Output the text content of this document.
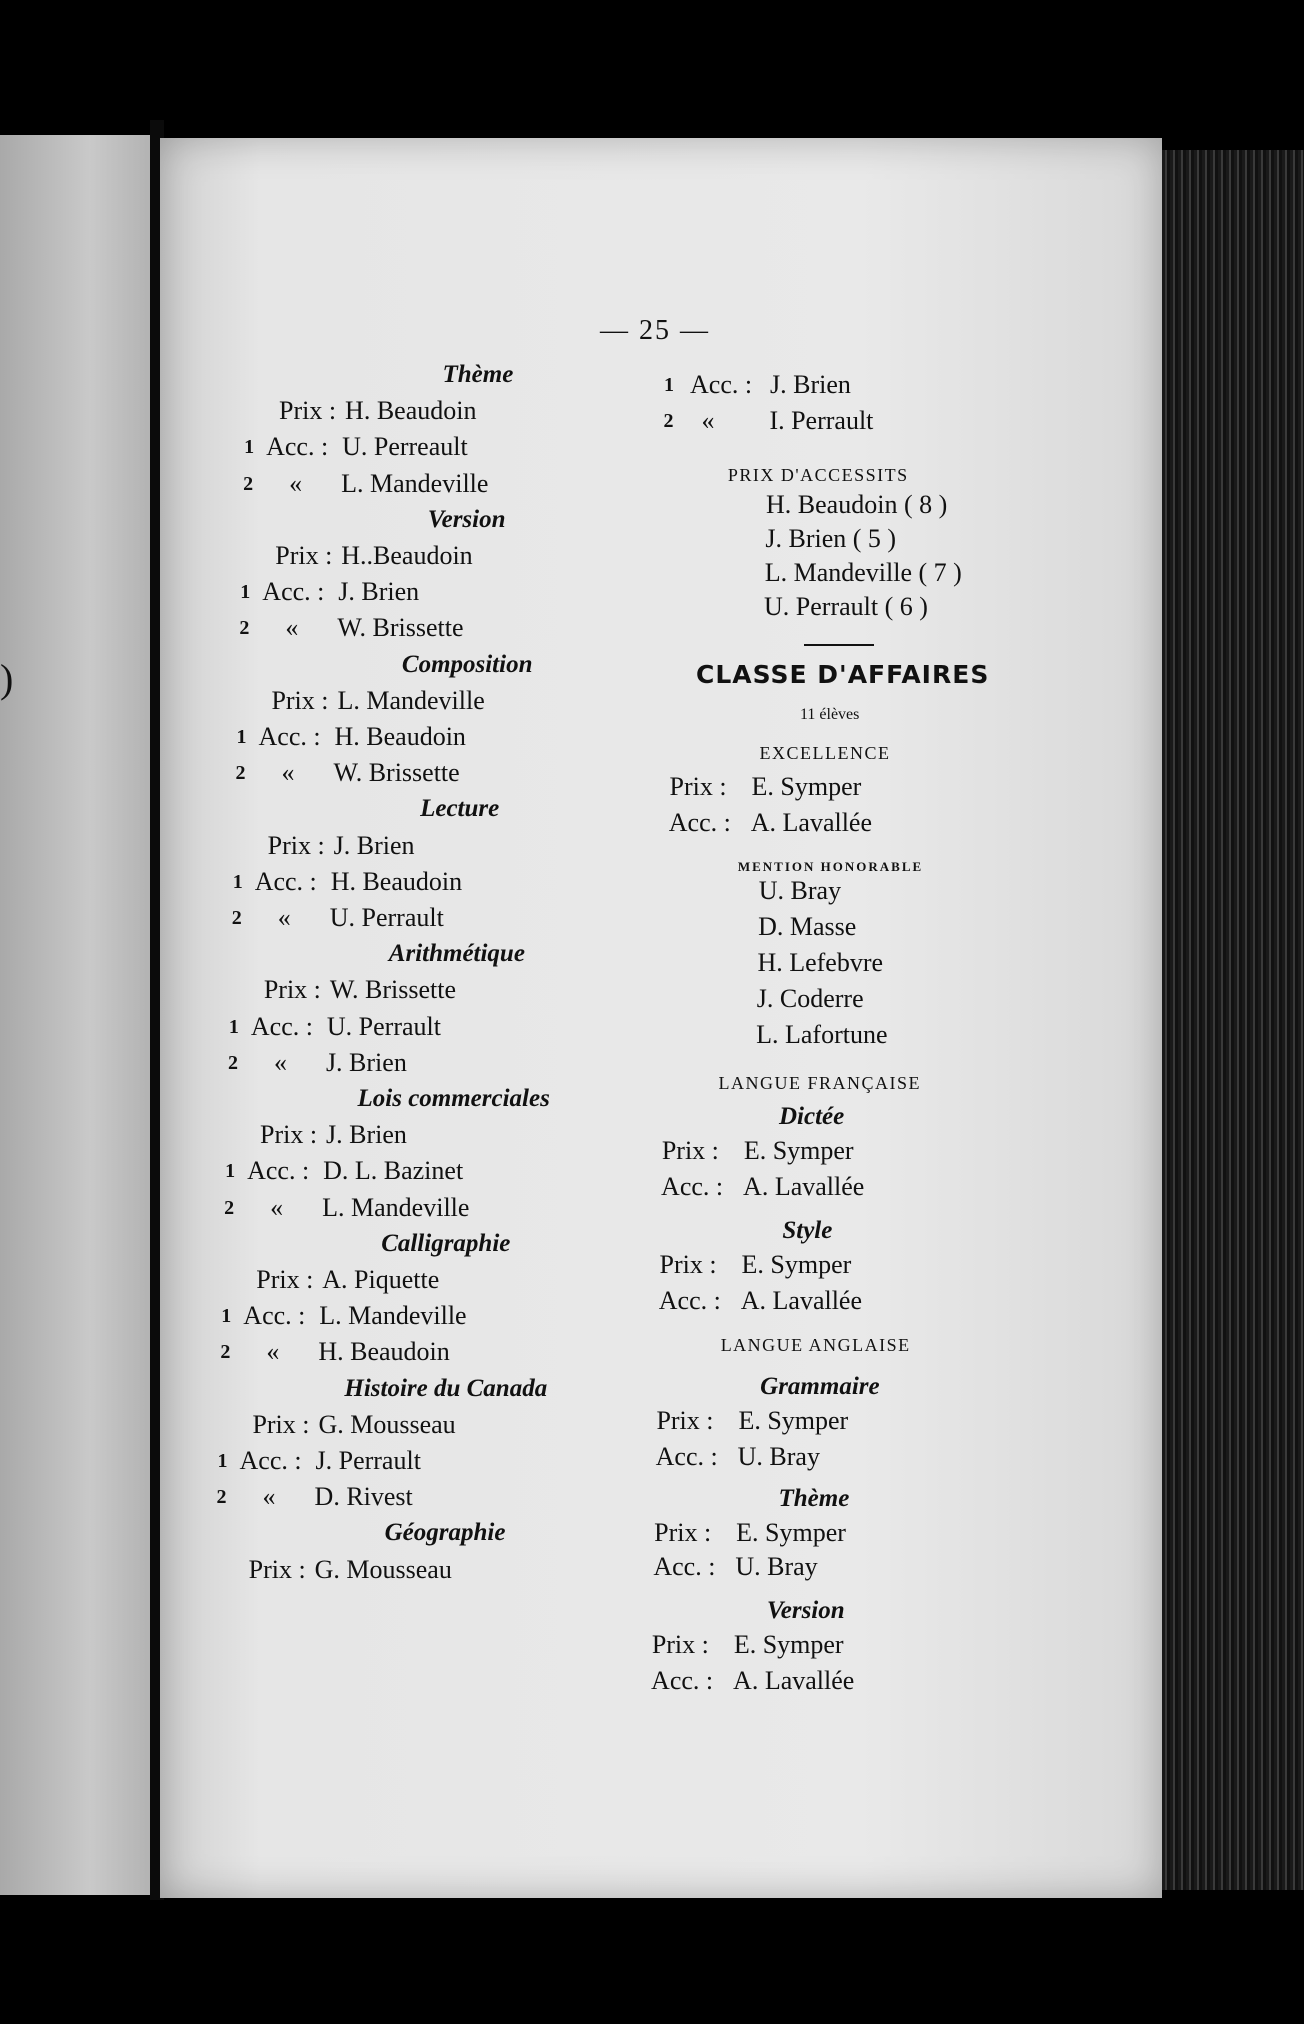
)
— 25 —
Thème
Prix : H. Beaudoin
1 Acc. : U. Perreault
2 « L. Mandeville
Version
Prix : H..Beaudoin
1 Acc. : J. Brien
2 « W. Brissette
Composition
Prix : L. Mandeville
1 Acc. : H. Beaudoin
2 « W. Brissette
Lecture
Prix : J. Brien
1 Acc. : H. Beaudoin
2 « U. Perrault
Arithmétique
Prix : W. Brissette
1 Acc. : U. Perrault
2 « J. Brien
Lois commerciales
Prix : J. Brien
1 Acc. : D. L. Bazinet
2 « L. Mandeville
Calligraphie
Prix : A. Piquette
1 Acc. : L. Mandeville
2 « H. Beaudoin
Histoire du Canada
Prix : G. Mousseau
1 Acc. : J. Perrault
2 « D. Rivest
Géographie
Prix : G. Mousseau
1 Acc. : J. Brien
2 « I. Perrault
PRIX D'ACCESSITS
H. Beaudoin ( 8 )
J. Brien ( 5 )
L. Mandeville ( 7 )
U. Perrault ( 6 )
CLASSE D'AFFAIRES
11 élèves
EXCELLENCE
Prix : E. Symper
Acc. : A. Lavallée
MENTION HONORABLE
U. Bray
D. Masse
H. Lefebvre
J. Coderre
L. Lafortune
LANGUE FRANÇAISE
Dictée
Prix : E. Symper
Acc. : A. Lavallée
Style
Prix : E. Symper
Acc. : A. Lavallée
LANGUE ANGLAISE
Grammaire
Prix : E. Symper
Acc. : U. Bray
Thème
Prix : E. Symper
Acc. : U. Bray
Version
Prix : E. Symper
Acc. : A. Lavallée
